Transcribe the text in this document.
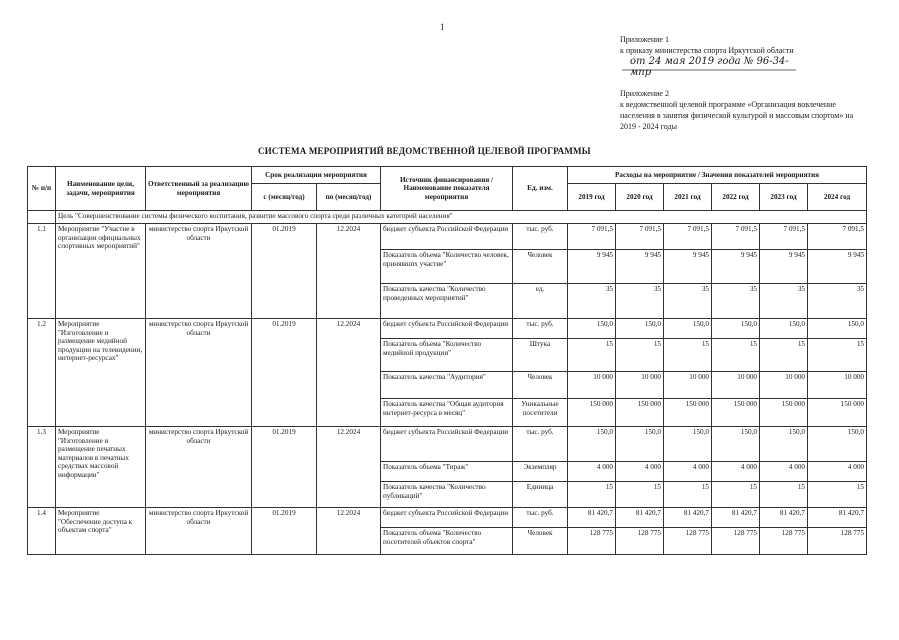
1
Приложение 1
к приказу министерства спорта Иркутской области
от 24 мая 2019 года № 96-34-мпр
Приложение 2
к ведомственной целевой программе «Организация вовлечение населения в занятия физической культурой и массовым спортом» на 2019 - 2024 годы
СИСТЕМА МЕРОПРИЯТИЙ ВЕДОМСТВЕННОЙ ЦЕЛЕВОЙ ПРОГРАММЫ
№ п/п	Наименование цели, задачи, мероприятия	Ответственный за реализацию мероприятия	Срок реализации мероприятия		Источник финансирования / Наименование показателя мероприятия	Ед. изм.	Расходы на мероприятие / Значения показателей мероприятия					
			с (месяц/год)	по (месяц/год)			2019 год	2020 год	2021 год	2022 год	2023 год	2024 год
	Цель "Совершенствование системы физического воспитания, развитие массового спорта среди различных категорий населения"											
1.1	Мероприятие "Участие в организации официальных спортивных мероприятий"	министерство спорта Иркутской области	01.2019	12.2024	бюджет субъекта Российской Федерации	тыс. руб.	7 091,5	7 091,5	7 091,5	7 091,5	7 091,5	7 091,5
					Показатель объема "Количество человек, принявших участие"	Человек	9 945	9 945	9 945	9 945	9 945	9 945
					Показатель качества "Количество проведенных мероприятий"	ед.	35	35	35	35	35	35
1.2	Мероприятие "Изготовление и размещение медийной продукции на телевидении, интернет-ресурсах"	министерство спорта Иркутской области	01.2019	12.2024	бюджет субъекта Российской Федерации	тыс. руб.	150,0	150,0	150,0	150,0	150,0	150,0
					Показатель объема "Количество медийной продукции"	Штука	15	15	15	15	15	15
					Показатель качества "Аудитория"	Человек	10 000	10 000	10 000	10 000	10 000	10 000
					Показатель качества "Общая аудитория интернет-ресурса в месяц"	Уникальные посетители	150 000	150 000	150 000	150 000	150 000	150 000
1.3	Мероприятие "Изготовление и размещение печатных материалов в печатных средствах массовой информации"	министерство спорта Иркутской области	01.2019	12.2024	бюджет субъекта Российской Федерации	тыс. руб.	150,0	150,0	150,0	150,0	150,0	150,0
					Показатель объема "Тираж"	Экземпляр	4 000	4 000	4 000	4 000	4 000	4 000
					Показатель качества "Количество публикаций"	Единица	15	15	15	15	15	15
1.4	Мероприятие "Обеспечение доступа к объектам спорта"	министерство спорта Иркутской области	01.2019	12.2024	бюджет субъекта Российской Федерации	тыс. руб.	81 420,7	81 420,7	81 420,7	81 420,7	81 420,7	81 420,7
					Показатель объема "Количество посетителей объектов спорта"	Человек	128 775	128 775	128 775	128 775	128 775	128 775
